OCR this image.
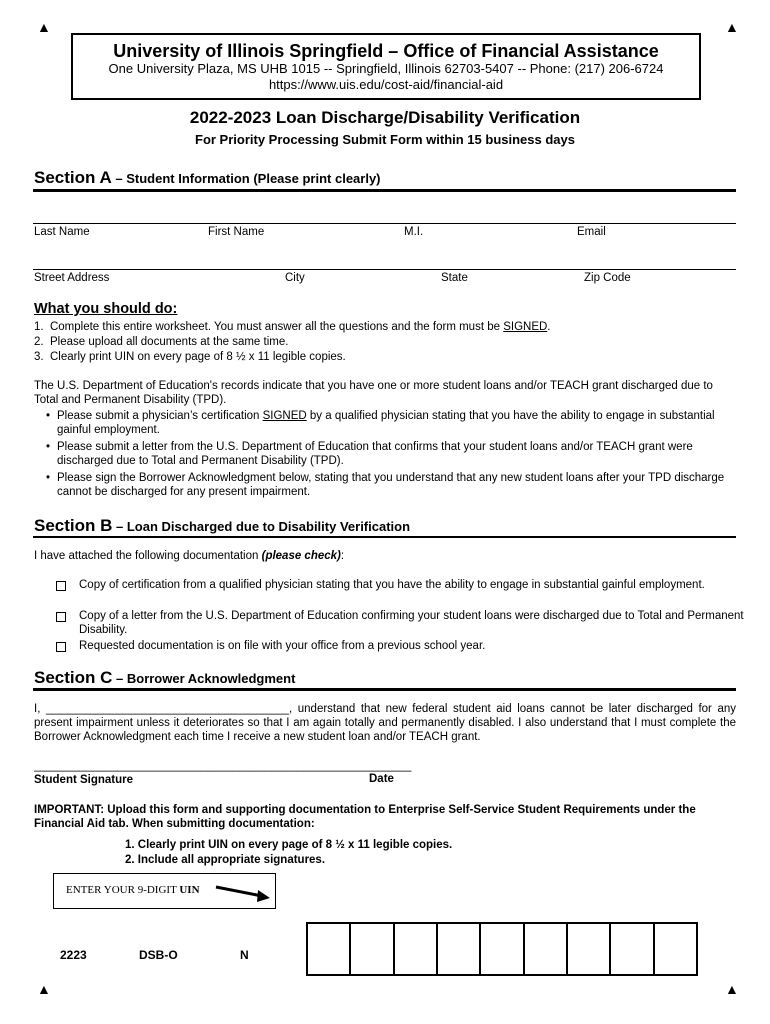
▲	▲
▲	▲
University of Illinois Springfield – Office of Financial Assistance
One University Plaza, MS UHB 1015 -- Springfield, Illinois 62703-5407 -- Phone: (217) 206-6724
https://www.uis.edu/cost-aid/financial-aid
2022-2023 Loan Discharge/Disability Verification
For Priority Processing Submit Form within 15 business days
Section A – Student Information (Please print clearly)
Last Name	First Name	M.I.	Email
Street Address	City	State	Zip Code
What you should do:
1. Complete this entire worksheet. You must answer all the questions and the form must be SIGNED.
2. Please upload all documents at the same time.
3. Clearly print UIN on every page of 8 ½ x 11 legible copies.
The U.S. Department of Education's records indicate that you have one or more student loans and/or TEACH grant discharged due to Total and Permanent Disability (TPD).
• Please submit a physician’s certification SIGNED by a qualified physician stating that you have the ability to engage in substantial gainful employment.
• Please submit a letter from the U.S. Department of Education that confirms that your student loans and/or TEACH grant were discharged due to Total and Permanent Disability (TPD).
• Please sign the Borrower Acknowledgment below, stating that you understand that any new student loans after your TPD discharge cannot be discharged for any present impairment.
Section B – Loan Discharged due to Disability Verification
I have attached the following documentation (please check):
Copy of certification from a qualified physician stating that you have the ability to engage in substantial gainful employment.
Copy of a letter from the U.S. Department of Education confirming your student loans were discharged due to Total and Permanent Disability.
Requested documentation is on file with your office from a previous school year.
Section C – Borrower Acknowledgment
I, ______________________________________, understand that new federal student aid loans cannot be later discharged for any present impairment unless it deteriorates so that I am again totally and permanently disabled. I also understand that I must complete the Borrower Acknowledgment each time I receive a new student loan and/or TEACH grant.
___________________________________________________________
Student Signature	Date
IMPORTANT: Upload this form and supporting documentation to Enterprise Self-Service Student Requirements under the Financial Aid tab. When submitting documentation:
1. Clearly print UIN on every page of 8 ½ x 11 legible copies.
2. Include all appropriate signatures.
ENTER YOUR 9-DIGIT UIN
2223	DSB-O	N
